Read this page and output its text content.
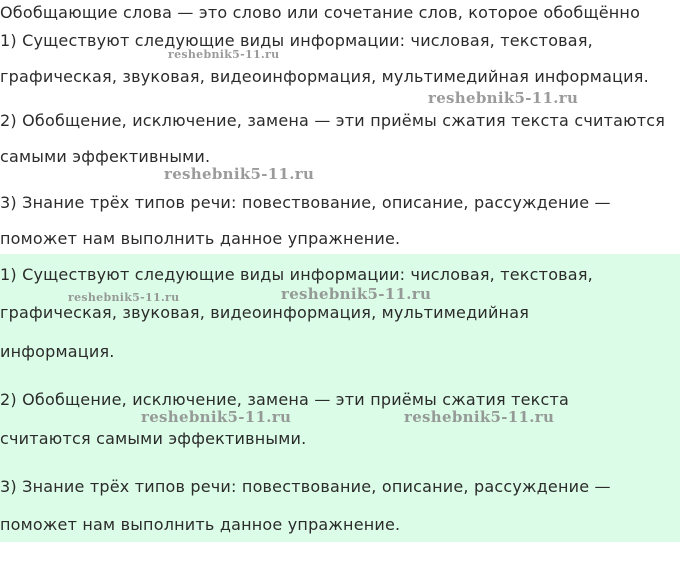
Обобщающие слова — это слово или сочетание слов, которое обобщённо
1) Существуют следующие виды информации: числовая, текстовая,
графическая, звуковая, видеоинформация, мультимедийная информация.
2) Обобщение, исключение, замена — эти приёмы сжатия текста считаются
самыми эффективными.
3) Знание трёх типов речи: повествование, описание, рассуждение —
поможет нам выполнить данное упражнение.
1) Существуют следующие виды информации: числовая, текстовая,
графическая, звуковая, видеоинформация, мультимедийная
информация.
2) Обобщение, исключение, замена — эти приёмы сжатия текста
считаются самыми эффективными.
3) Знание трёх типов речи: повествование, описание, рассуждение —
поможет нам выполнить данное упражнение.
reshebnik5-11.ru
reshebnik5-11.ru
reshebnik5-11.ru
reshebnik5-11.ru	reshebnik5-11.ru
reshebnik5-11.ru	reshebnik5-11.ru
